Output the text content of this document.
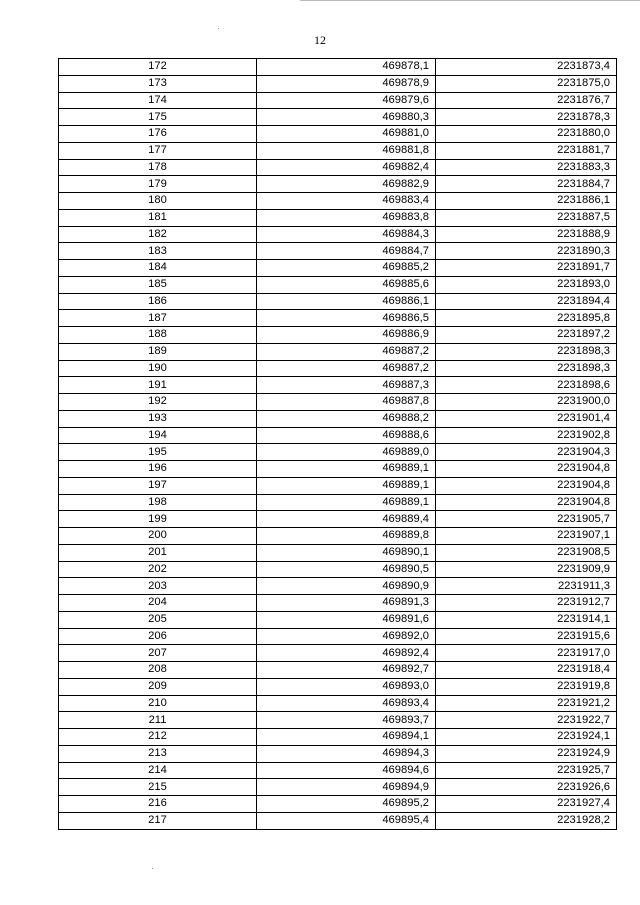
12
172	469878,1	2231873,4
173	469878,9	2231875,0
174	469879,6	2231876,7
175	469880,3	2231878,3
176	469881,0	2231880,0
177	469881,8	2231881,7
178	469882,4	2231883,3
179	469882,9	2231884,7
180	469883,4	2231886,1
181	469883,8	2231887,5
182	469884,3	2231888,9
183	469884,7	2231890,3
184	469885,2	2231891,7
185	469885,6	2231893,0
186	469886,1	2231894,4
187	469886,5	2231895,8
188	469886,9	2231897,2
189	469887,2	2231898,3
190	469887,2	2231898,3
191	469887,3	2231898,6
192	469887,8	2231900,0
193	469888,2	2231901,4
194	469888,6	2231902,8
195	469889,0	2231904,3
196	469889,1	2231904,8
197	469889,1	2231904,8
198	469889,1	2231904,8
199	469889,4	2231905,7
200	469889,8	2231907,1
201	469890,1	2231908,5
202	469890,5	2231909,9
203	469890,9	2231911,3
204	469891,3	2231912,7
205	469891,6	2231914,1
206	469892,0	2231915,6
207	469892,4	2231917,0
208	469892,7	2231918,4
209	469893,0	2231919,8
210	469893,4	2231921,2
211	469893,7	2231922,7
212	469894,1	2231924,1
213	469894,3	2231924,9
214	469894,6	2231925,7
215	469894,9	2231926,6
216	469895,2	2231927,4
217	469895,4	2231928,2
